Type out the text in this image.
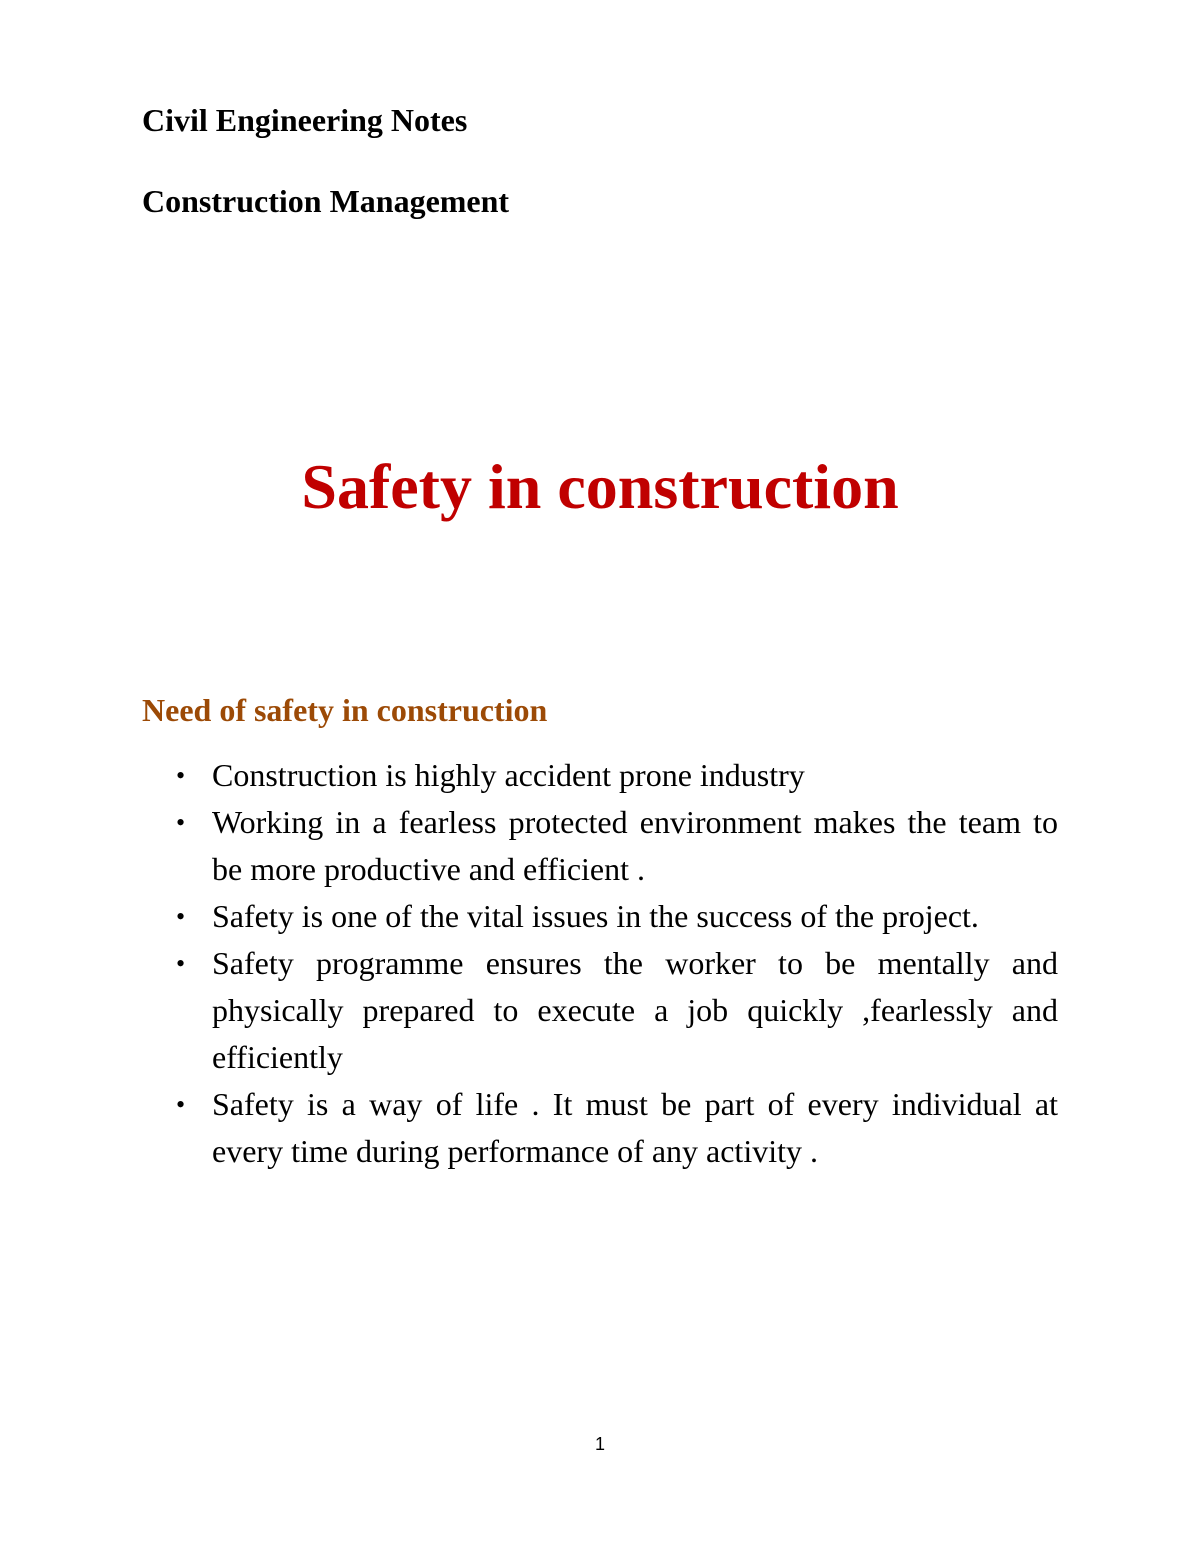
Civil Engineering Notes
Construction Management
Safety in construction
Need of safety in construction
• Construction is highly accident prone industry
• Working in a fearless protected environment makes the team to be more productive and efficient .
• Safety is one of the vital issues in the success of the project.
• Safety programme ensures the worker to be mentally and physically prepared to execute a job quickly ,fearlessly and efficiently
• Safety is a way of life . It must be part of every individual at every time during performance of any activity .
1
